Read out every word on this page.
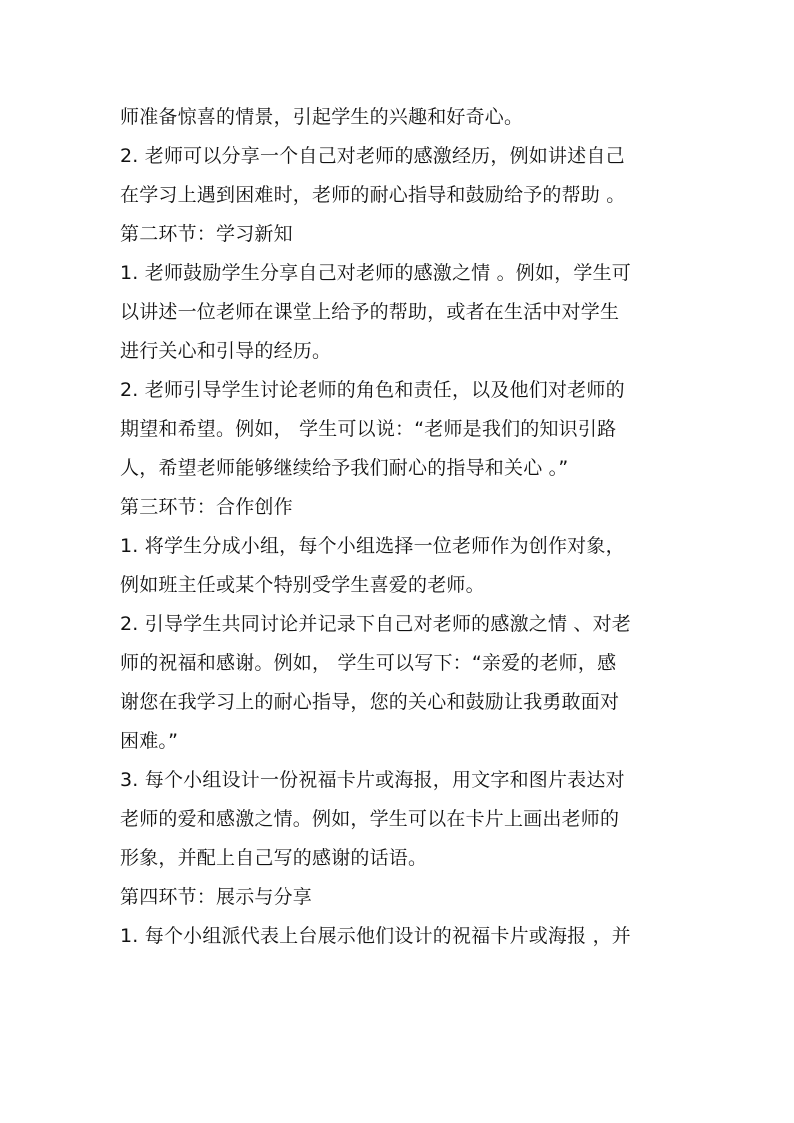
师准备惊喜的情景，引起学生的兴趣和好奇心。
2. 老师可以分享一个自己对老师的感激经历，例如讲述自己
在学习上遇到困难时，老师的耐心指导和鼓励给予的帮助 。
第二环节：学习新知
1. 老师鼓励学生分享自己对老师的感激之情 。例如，学生可
以讲述一位老师在课堂上给予的帮助，或者在生活中对学生
进行关心和引导的经历。
2. 老师引导学生讨论老师的角色和责任，以及他们对老师的
期望和希望。例如， 学生可以说：“老师是我们的知识引路
人，希望老师能够继续给予我们耐心的指导和关心 。”
第三环节：合作创作
1. 将学生分成小组，每个小组选择一位老师作为创作对象，
例如班主任或某个特别受学生喜爱的老师。
2. 引导学生共同讨论并记录下自己对老师的感激之情 、对老
师的祝福和感谢。例如， 学生可以写下：“亲爱的老师，感
谢您在我学习上的耐心指导，您的关心和鼓励让我勇敢面对
困难。”
3. 每个小组设计一份祝福卡片或海报，用文字和图片表达对
老师的爱和感激之情。例如，学生可以在卡片上画出老师的
形象，并配上自己写的感谢的话语。
第四环节：展示与分享
1. 每个小组派代表上台展示他们设计的祝福卡片或海报 ，并
